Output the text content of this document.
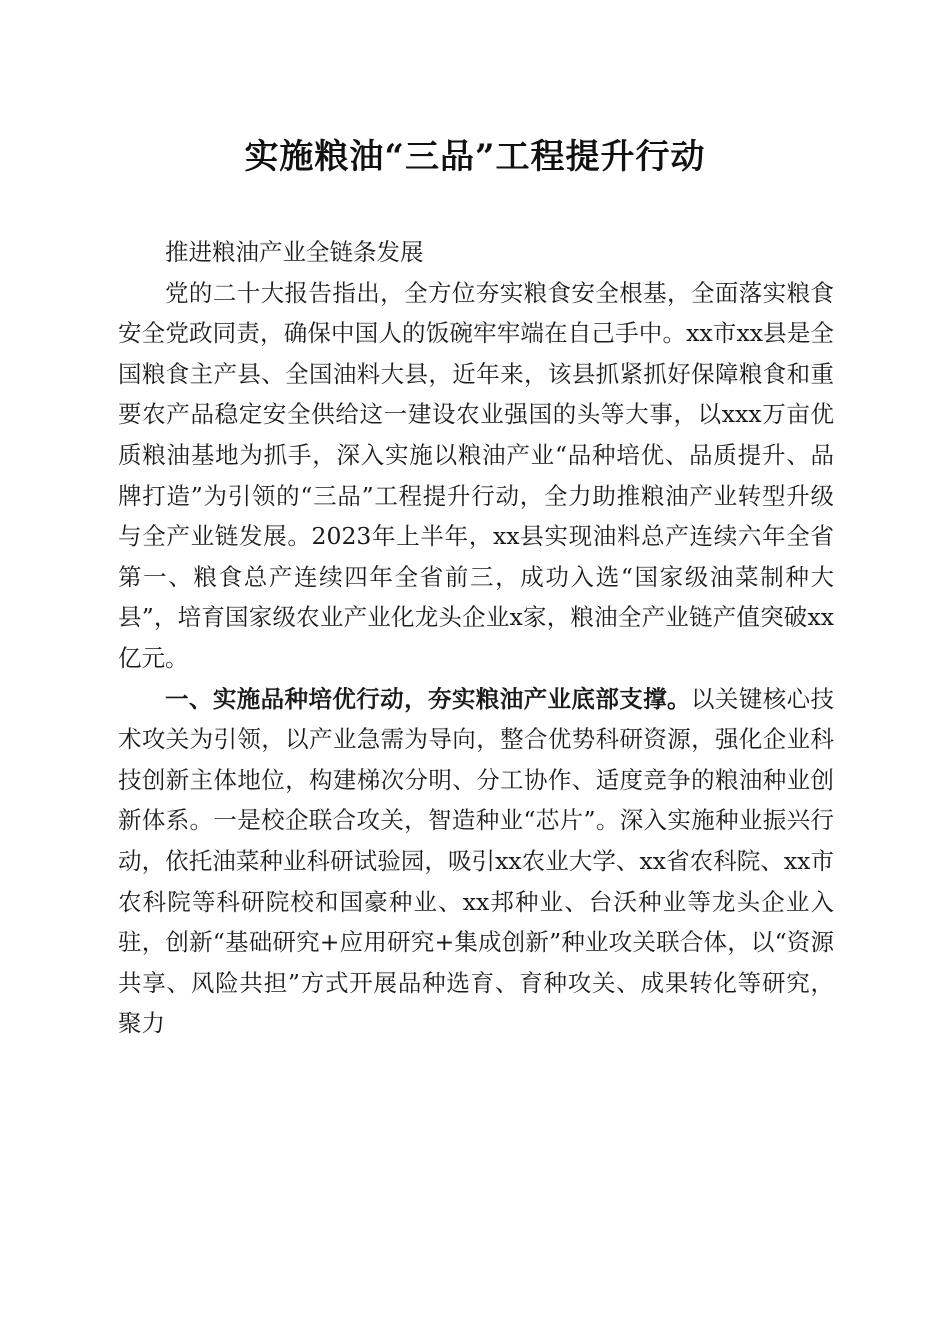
实施粮油“三品”工程提升行动

推进粮油产业全链条发展

党的二十大报告指出，全方位夯实粮食安全根基，全面落实粮食安全党政同责，确保中国人的饭碗牢牢端在自己手中。xx市xx县是全国粮食主产县、全国油料大县，近年来，该县抓紧抓好保障粮食和重要农产品稳定安全供给这一建设农业强国的头等大事，以xxx万亩优质粮油基地为抓手，深入实施以粮油产业“品种培优、品质提升、品牌打造”为引领的“三品”工程提升行动，全力助推粮油产业转型升级与全产业链发展。2023年上半年，xx县实现油料总产连续六年全省第一、粮食总产连续四年全省前三，成功入选“国家级油菜制种大县”，培育国家级农业产业化龙头企业x家，粮油全产业链产值突破xx亿元。

一、实施品种培优行动，夯实粮油产业底部支撑。以关键核心技术攻关为引领，以产业急需为导向，整合优势科研资源，强化企业科技创新主体地位，构建梯次分明、分工协作、适度竞争的粮油种业创新体系。一是校企联合攻关，智造种业“芯片”。深入实施种业振兴行动，依托油菜种业科研试验园，吸引xx农业大学、xx省农科院、xx市农科院等科研院校和国豪种业、xx邦种业、台沃种业等龙头企业入驻，创新“基础研究+应用研究+集成创新”种业攻关联合体，以“资源共享、风险共担”方式开展品种选育、育种攻关、成果转化等研究，聚力
